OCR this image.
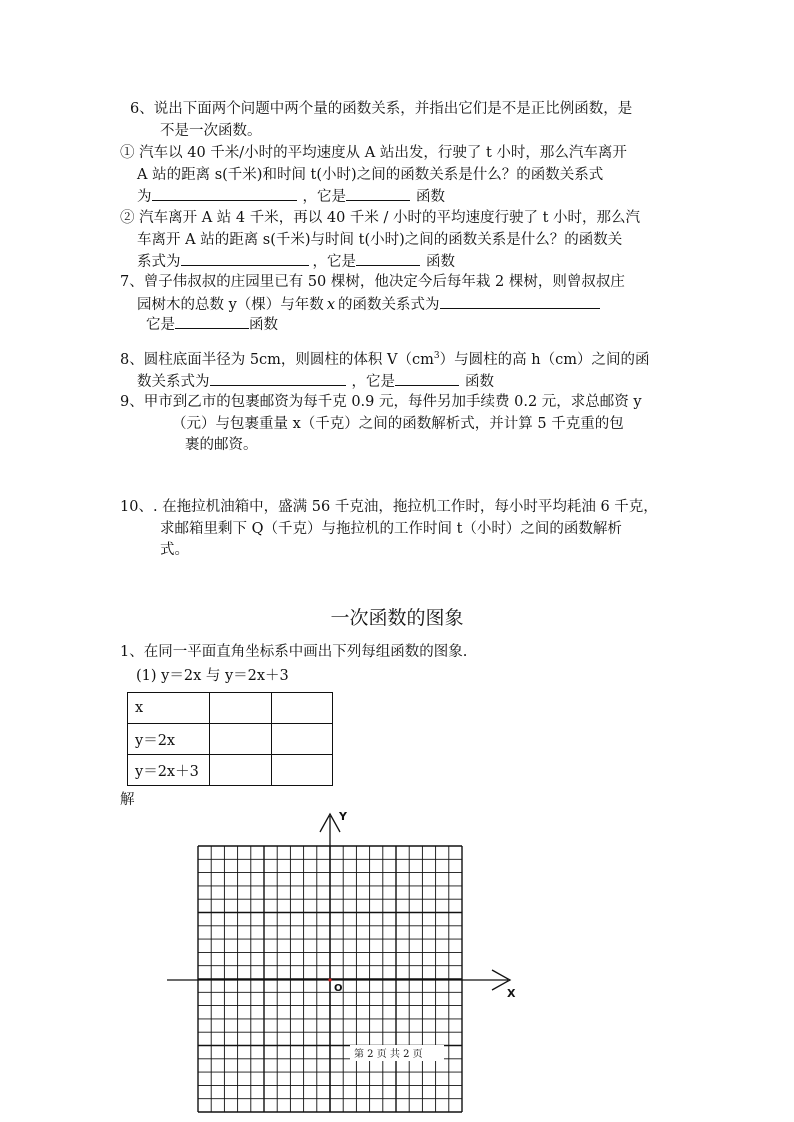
6、说出下面两个问题中两个量的函数关系，并指出它们是不是正比例函数，是
不是一次函数。
① 汽车以 40 千米/小时的平均速度从 A 站出发，行驶了 t 小时，那么汽车离开
A 站的距离 s(千米)和时间 t(小时)之间的函数关系是什么？的函数关系式
为	，它是	函数
② 汽车离开 A 站 4 千米，再以 40 千米 / 小时的平均速度行驶了 t 小时，那么汽
车离开 A 站的距离 s(千米)与时间 t(小时)之间的函数关系是什么？的函数关
系式为	，它是	函数
7、曾子伟叔叔的庄园里已有 50 棵树，他决定今后每年栽 2 棵树，则曾叔叔庄
园树木的总数 y（棵）与年数 x 的函数关系式为
它是	函数
8、圆柱底面半径为 5cm，则圆柱的体积 $V(cm^3)$与圆柱的高 h（cm）之间的函
数关系式为	，它是	函数
9、甲市到乙市的包裹邮资为每千克 0.9 元，每件另加手续费 0.2 元，求总邮资 y
（元）与包裹重量 x（千克）之间的函数解析式，并计算 5 千克重的包
裹的邮资。
10、. 在拖拉机油箱中，盛满 56 千克油，拖拉机工作时，每小时平均耗油 6 千克，
求邮箱里剩下 Q（千克）与拖拉机的工作时间 t（小时）之间的函数解析
式。
一次函数的图象
1、在同一平面直角坐标系中画出下列每组函数的图象.
(1) y＝2x 与 y＝2x＋3
x		
y＝2x		
y＝2x＋3		
解
Y
X
O
第 2 页 共 2 页
